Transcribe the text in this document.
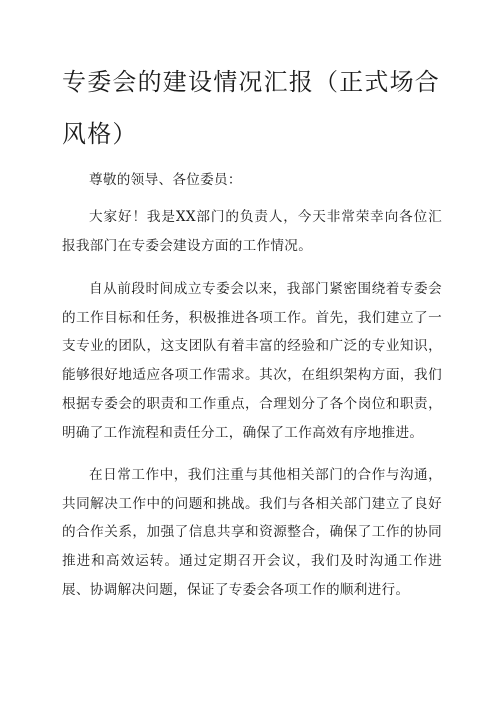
专委会的建设情况汇报（正式场合风格）

尊敬的领导、各位委员：

大家好！我是XX部门的负责人，今天非常荣幸向各位汇报我部门在专委会建设方面的工作情况。

自从前段时间成立专委会以来，我部门紧密围绕着专委会的工作目标和任务，积极推进各项工作。首先，我们建立了一支专业的团队，这支团队有着丰富的经验和广泛的专业知识，能够很好地适应各项工作需求。其次，在组织架构方面，我们根据专委会的职责和工作重点，合理划分了各个岗位和职责，明确了工作流程和责任分工，确保了工作高效有序地推进。

在日常工作中，我们注重与其他相关部门的合作与沟通，共同解决工作中的问题和挑战。我们与各相关部门建立了良好的合作关系，加强了信息共享和资源整合，确保了工作的协同推进和高效运转。通过定期召开会议，我们及时沟通工作进展、协调解决问题，保证了专委会各项工作的顺利进行。
